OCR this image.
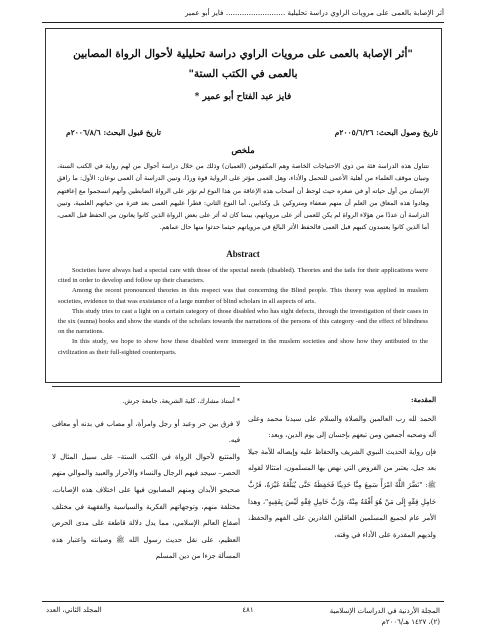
أثر الإصابة بالعمى على مرويات الراوي دراسة تحليلية .......................... فايز أبو عمير
"أثر الإصابة بالعمى على مرويات الراوي دراسة تحليلية لأحوال الرواة المصابين بالعمى في الكتب الستة"
فايز عبد الفتاح أبو عمير *
تاريخ وصول البحث: ٢٠٠٥/٦/٢٦م
تاريخ قبول البحث: ٢٠٠٦/٨/٦م
ملخص
تتناول هذه الدراسة فئة من ذوي الاحتياجات الخاصة وهم المكفوفين (العميان) وذلك من خلال دراسة أحوال من لهم رواية في الكتب الستة، وتبيان موقف العلماء من أهلية الأعمى للتحمل والأداء، وهل العمى مؤثر على الرواية قوة وردًا، وتبين الدراسة أن العمى نوعان: الأول: ما رافق الإنسان من أول حياته أو في صغره حيث لوحظ أن أصحاب هذه الإعاقة من هذا النوع لم تؤثر على الرواة الضابطين وأنهم انسجموا مع إعاقتهم وهادوا هذه المعاق من العلم أن منهم ضعفاء ومتروكين بل وكذابين، أما النوع الثاني: فطرأ عليهم العمى بعد فترة من حياتهم العلمية، وتبين الدراسة أن عددًا من هؤلاء الرواة لم يكن للعمى أثر على مروياتهم، بينما كان له أثر على بعض الرواة الذين كانوا يعانون من الحفظ قبل العمى، أما الذين كانوا يعتمدون كتبهم قبل العمى فالحفظ الأثر البالغ في مروياتهم حيثما حدثوا منها حال عماهم.
Abstract

Societies have always had a special care with those of the special needs (disabled). Theories and the tails for their applications were cited in order to develop and follow up their characters.

Among the recent pronounced theories in this respect was that concerning the Blind people. This theory was applied in muslem societies, evidence to that was exsistance of a large number of blind scholars in all aspects of arts.

This study tries to cast a light on a certain category of those disabled who has sight defects, through the investigation of their cases in the six (sunna) books and show the stands of the scholars towards the narrations of the persons of this category -and the effect of blindness on the narrations.

In this study, we hope to show how these disabled were immerged in the muslem societies and show how they antibuted to the civilization as their full-sighted counterparts.

المقدمة:

الحمد لله رب العالمين والصلاة والسلام على سيدنا محمد وعلى آله وصحبه أجمعين ومن تبعهم بإحسان إلى يوم الدين، وبعد:

فإن رواية الحديث النبوي الشريف والحفاظ عليه وإيصاله للأمة جيلا بعد جيل، يعتبر من الفروض التي نهض بها المسلمون، امتثالا لقوله ﷺ: "نَضَّرَ اللَّهُ امْرَأً سَمِعَ مِنَّا حَدِيثًا فَحَفِظَهُ حَتَّى يُبَلِّغَهُ غَيْرَهُ، فَرُبَّ حَامِلِ فِقْهٍ إِلَى مَنْ هُوَ أَفْقَهُ مِنْهُ، وَرُبَّ حَامِلِ فِقْهٍ لَيْسَ بِفَقِيهٍ"، وهذا الأمر عام لجميع المسلمين العاقلين القادرين على الفهم والحفظ، ولديهم المقدرة على الأداء في وقته،

* أستاذ مشارك، كلية الشريعة، جامعة جرش.

لا فرق بين حر وعبد أو رجل وامرأة، أو مصاب في بدنه أو معافى فيه.

والمتتبع لأحوال الرواة في الكتب الستة– على سبيل المثال لا الحصر– سيجد فيهم الرجال والنساء والأحرار والعبيد والموالي منهم صحيحو الأبدان ومنهم المصابون فيها على اختلاف هذه الإصابات، مختلفة منهم، وتوجهاتهم الفكرية والسياسية والفقهية في مختلف أصقاع العالم الإسلامي، مما يدل دلالة قاطعة على مدى الحرص العظيم، على نقل حديث رسول الله ﷺ وصيانته واعتبار هذه المسألة جزءا من دين المسلم

المجلة الأردنية في الدراسات الإسلامية
(٢)، ١٤٢٧ هـ/٢٠٠٦م
٤٨١
المجلد الثاني، العدد
